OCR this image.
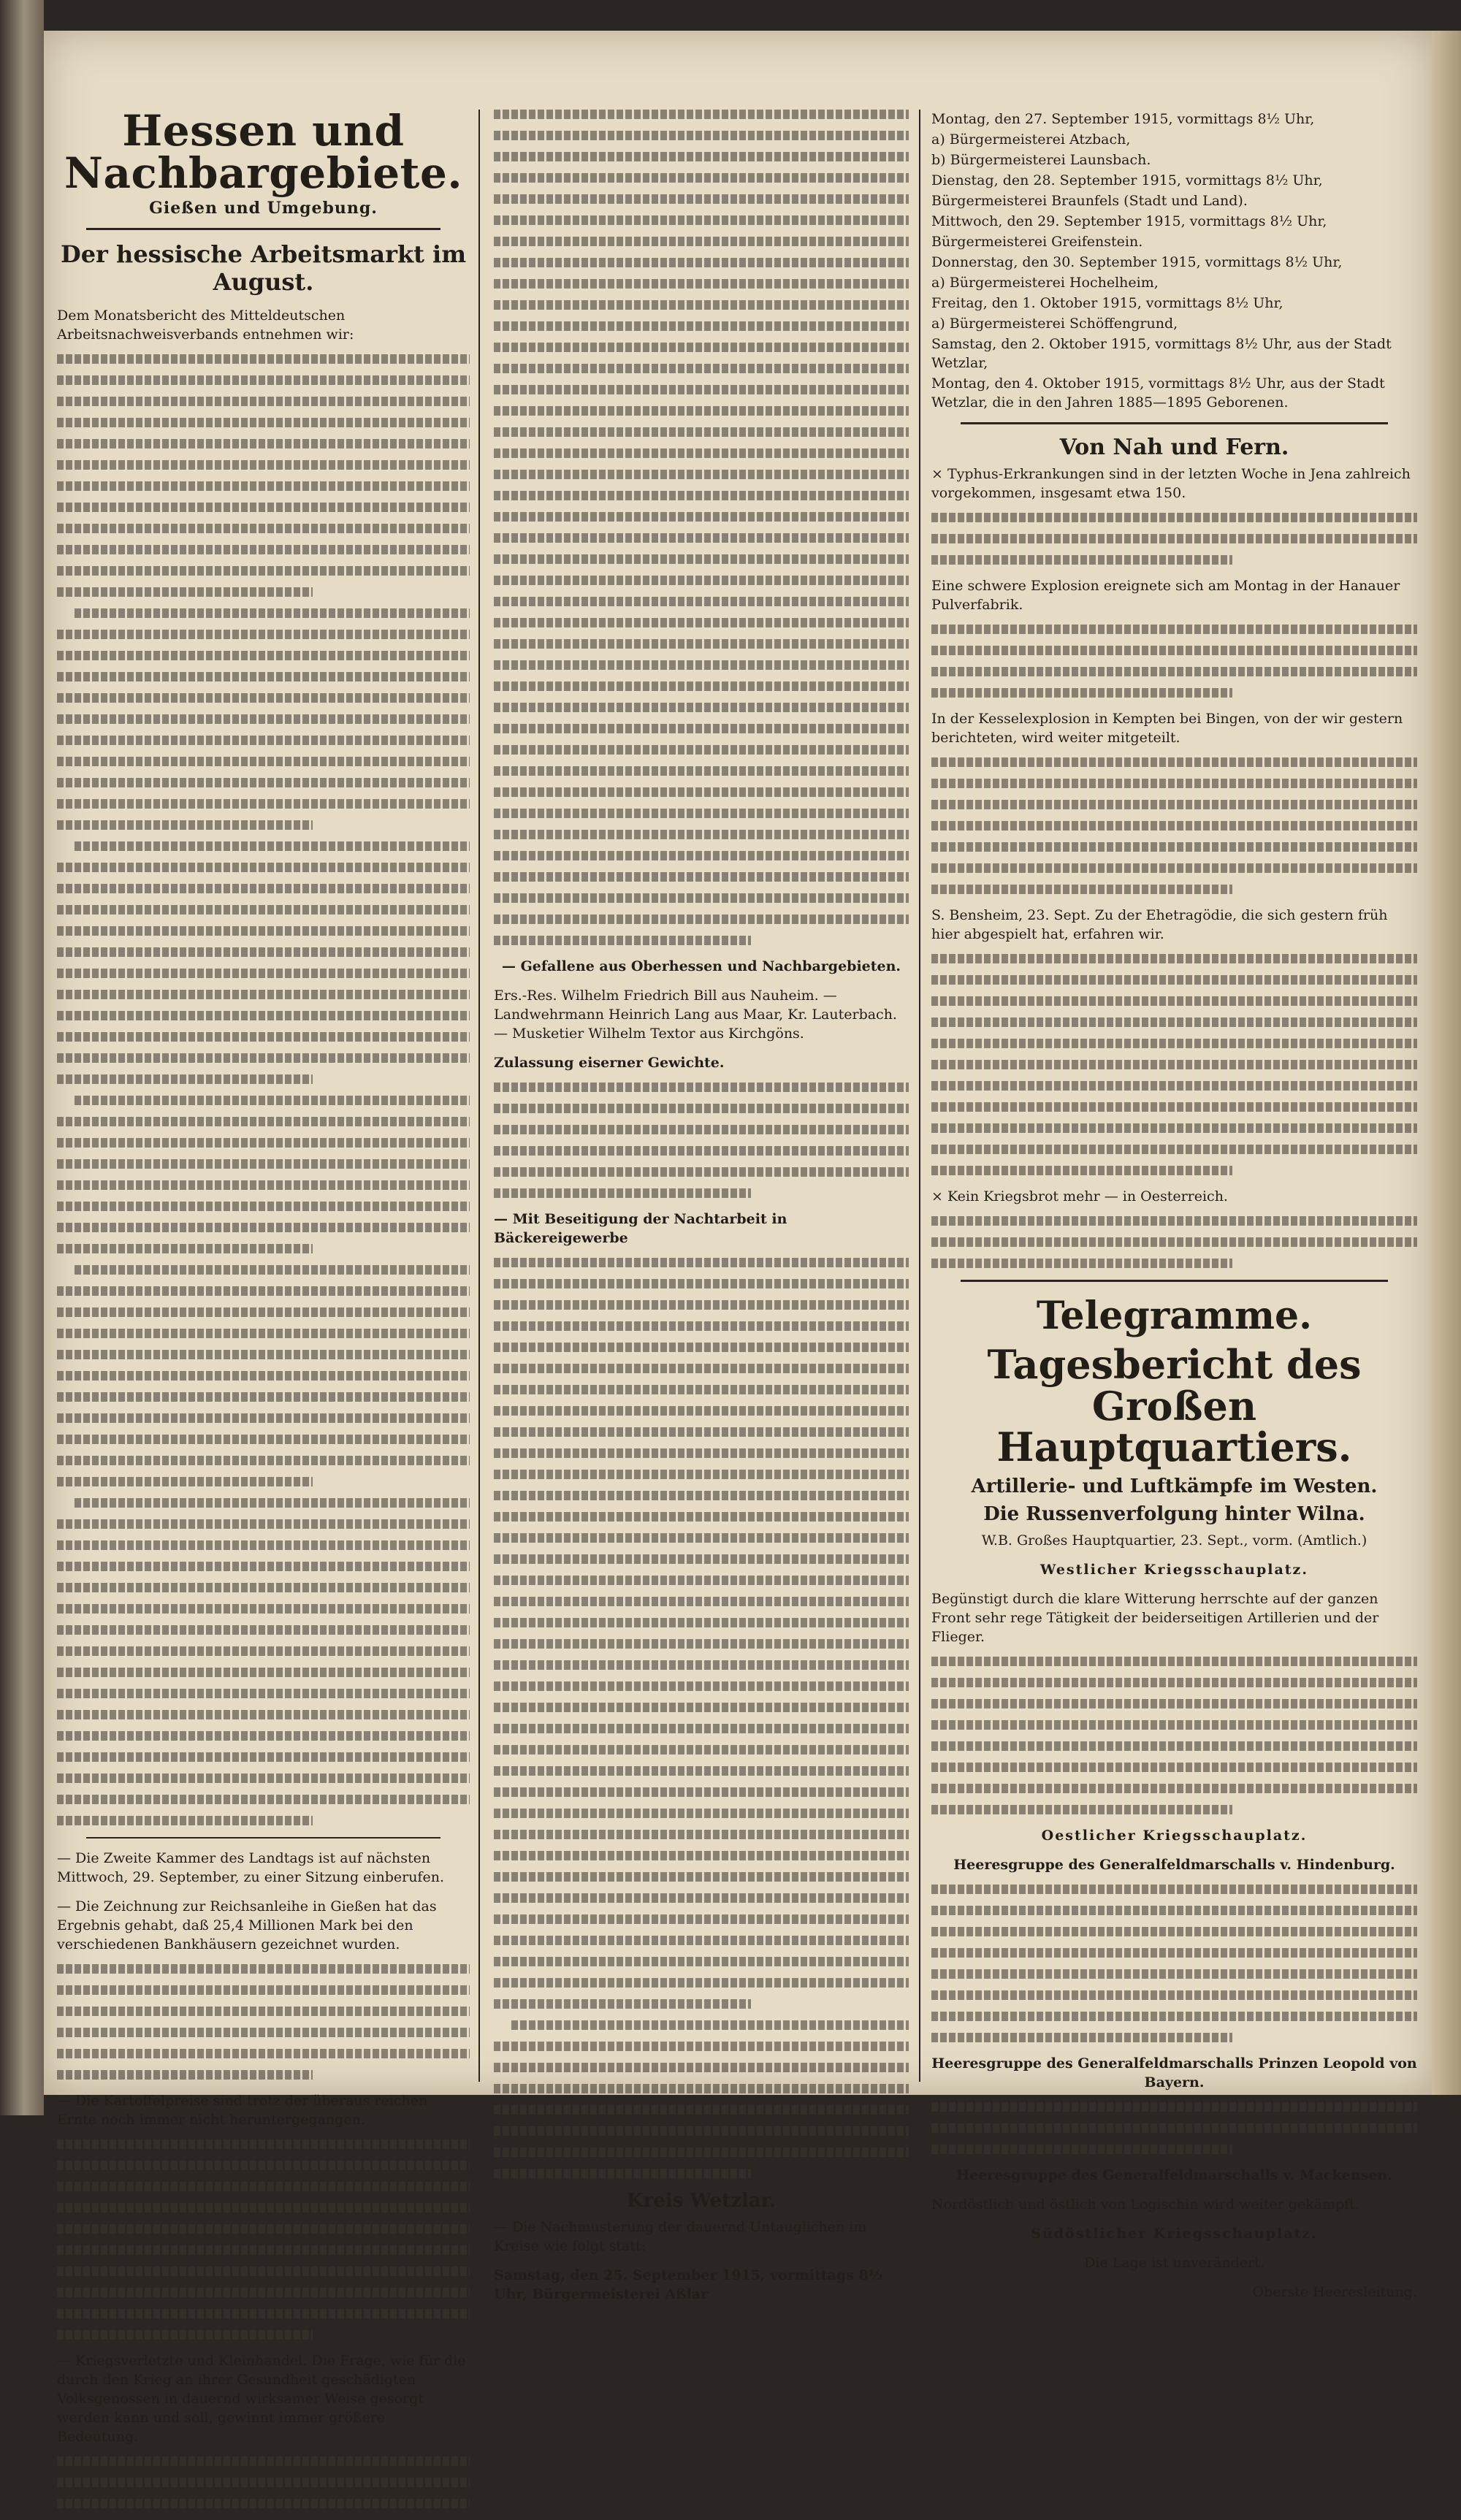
Hessen und Nachbargebiete.
Gießen und Umgebung.
Der hessische Arbeitsmarkt im August.
Dem Monatsbericht des Mitteldeutschen Arbeitsnachweisverbands entnehmen wir:
— Die Zweite Kammer des Landtags ist auf nächsten Mittwoch, 29. September, zu einer Sitzung einberufen.
— Die Zeichnung zur Reichsanleihe in Gießen hat das Ergebnis gehabt, daß 25,4 Millionen Mark bei den verschiedenen Bankhäusern gezeichnet wurden.
— Die Kartoffelpreise sind trotz der überaus reichen Ernte noch immer nicht heruntergegangen.
— Kriegsverletzte und Kleinhandel. Die Frage, wie für die durch den Krieg an ihrer Gesundheit geschädigten Volksgenossen in dauernd wirksamer Weise gesorgt werden kann und soll, gewinnt immer größere Bedeutung.
— Gefallene aus Oberhessen und Nachbargebieten.
Ers.-Res. Wilhelm Friedrich Bill aus Nauheim. — Landwehrmann Heinrich Lang aus Maar, Kr. Lauterbach. — Musketier Wilhelm Textor aus Kirchgöns.
Zulassung eiserner Gewichte.
— Mit Beseitigung der Nachtarbeit in Bäckereigewerbe
Kreis Wetzlar.
— Die Nachmusterung der dauernd Untauglichen im Kreise wie folgt statt:
Samstag, den 25. September 1915, vormittags 8½ Uhr, Bürgermeisterei Aßlar
Montag, den 27. September 1915, vormittags 8½ Uhr,
a) Bürgermeisterei Atzbach,
b) Bürgermeisterei Launsbach.
Dienstag, den 28. September 1915, vormittags 8½ Uhr,
Bürgermeisterei Braunfels (Stadt und Land).
Mittwoch, den 29. September 1915, vormittags 8½ Uhr,
Bürgermeisterei Greifenstein.
Donnerstag, den 30. September 1915, vormittags 8½ Uhr,
a) Bürgermeisterei Hochelheim,
Freitag, den 1. Oktober 1915, vormittags 8½ Uhr,
a) Bürgermeisterei Schöffengrund,
Samstag, den 2. Oktober 1915, vormittags 8½ Uhr, aus der Stadt Wetzlar,
Montag, den 4. Oktober 1915, vormittags 8½ Uhr, aus der Stadt Wetzlar, die in den Jahren 1885—1895 Geborenen.
Von Nah und Fern.
× Typhus-Erkrankungen sind in der letzten Woche in Jena zahlreich vorgekommen, insgesamt etwa 150.
Eine schwere Explosion ereignete sich am Montag in der Hanauer Pulverfabrik.
In der Kesselexplosion in Kempten bei Bingen, von der wir gestern berichteten, wird weiter mitgeteilt.
S. Bensheim, 23. Sept. Zu der Ehetragödie, die sich gestern früh hier abgespielt hat, erfahren wir.
× Kein Kriegsbrot mehr — in Oesterreich.
Telegramme.
Tagesbericht des Großen Hauptquartiers.
Artillerie- und Luftkämpfe im Westen.
Die Russenverfolgung hinter Wilna.
W.B. Großes Hauptquartier, 23. Sept., vorm. (Amtlich.)
Westlicher Kriegsschauplatz.
Begünstigt durch die klare Witterung herrschte auf der ganzen Front sehr rege Tätigkeit der beiderseitigen Artillerien und der Flieger.
Oestlicher Kriegsschauplatz.
Heeresgruppe des Generalfeldmarschalls v. Hindenburg.
Heeresgruppe des Generalfeldmarschalls Prinzen Leopold von Bayern.
Heeresgruppe des Generalfeldmarschalls v. Mackensen.
Nordöstlich und östlich von Logischin wird weiter gekämpft.
Südöstlicher Kriegsschauplatz.
Die Lage ist unverändert.
Oberste Heeresleitung.
